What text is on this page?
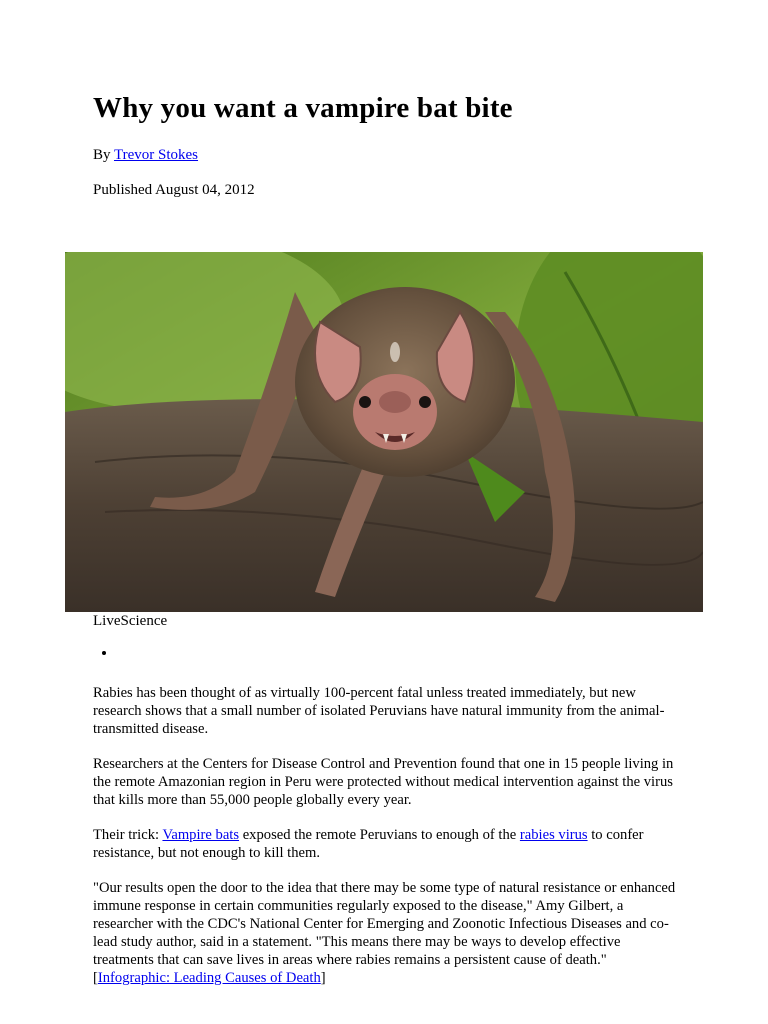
Why you want a vampire bat bite
By Trevor Stokes
Published August 04, 2012
LiveScience

Rabies has been thought of as virtually 100-percent fatal unless treated immediately, but new research shows that a small number of isolated Peruvians have natural immunity from the animal-transmitted disease.

Researchers at the Centers for Disease Control and Prevention found that one in 15 people living in the remote Amazonian region in Peru were protected without medical intervention against the virus that kills more than 55,000 people globally every year.

Their trick: Vampire bats exposed the remote Peruvians to enough of the rabies virus to confer resistance, but not enough to kill them.

"Our results open the door to the idea that there may be some type of natural resistance or enhanced immune response in certain communities regularly exposed to the disease," Amy Gilbert, a researcher with the CDC's National Center for Emerging and Zoonotic Infectious Diseases and co-lead study author, said in a statement. "This means there may be ways to develop effective treatments that can save lives in areas where rabies remains a persistent cause of death." [Infographic: Leading Causes of Death]
